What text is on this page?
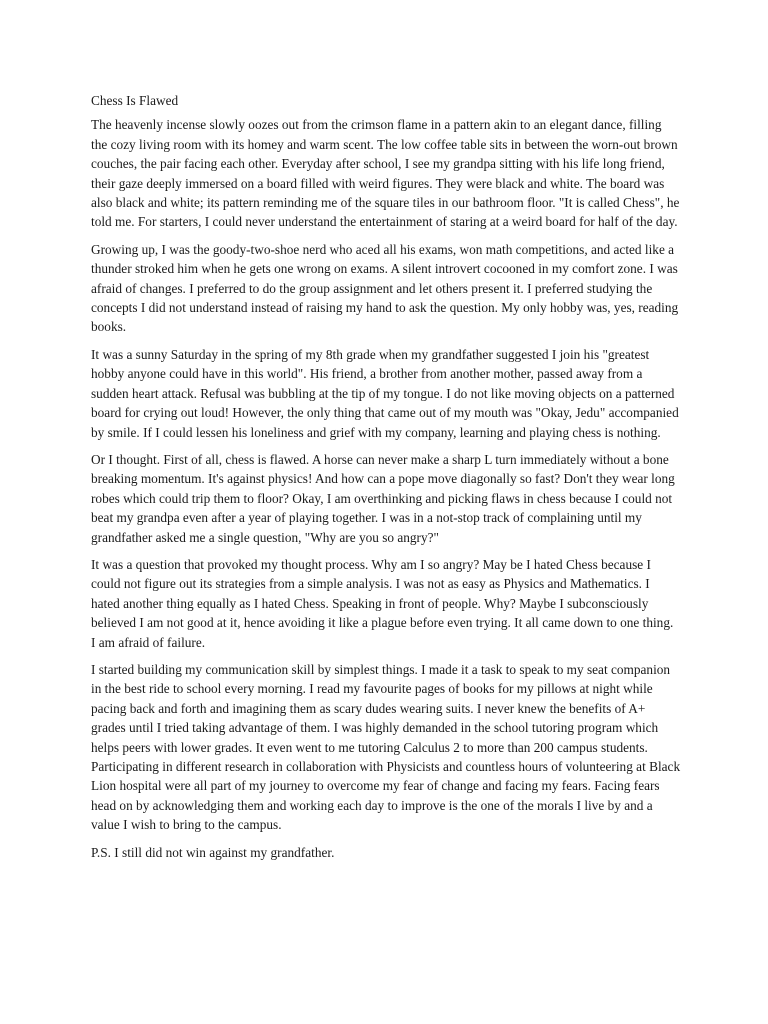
Chess Is Flawed

The heavenly incense slowly oozes out from the crimson flame in a pattern akin to an elegant dance, filling the cozy living room with its homey and warm scent. The low coffee table sits in between the worn-out brown couches, the pair facing each other. Everyday after school, I see my grandpa sitting with his life long friend, their gaze deeply immersed on a board filled with weird figures. They were black and white. The board was also black and white; its pattern reminding me of the square tiles in our bathroom floor. "It is called Chess", he told me. For starters, I could never understand the entertainment of staring at a weird board for half of the day.

Growing up, I was the goody-two-shoe nerd who aced all his exams, won math competitions, and acted like a thunder stroked him when he gets one wrong on exams. A silent introvert cocooned in my comfort zone. I was afraid of changes. I preferred to do the group assignment and let others present it. I preferred studying the concepts I did not understand instead of raising my hand to ask the question. My only hobby was, yes, reading books.

It was a sunny Saturday in the spring of my 8th grade when my grandfather suggested I join his "greatest hobby anyone could have in this world". His friend, a brother from another mother, passed away from a sudden heart attack. Refusal was bubbling at the tip of my tongue. I do not like moving objects on a patterned board for crying out loud! However, the only thing that came out of my mouth was "Okay, Jedu" accompanied by smile. If I could lessen his loneliness and grief with my company, learning and playing chess is nothing.

Or I thought. First of all, chess is flawed. A horse can never make a sharp L turn immediately without a bone breaking momentum. It's against physics! And how can a pope move diagonally so fast? Don't they wear long robes which could trip them to floor? Okay, I am overthinking and picking flaws in chess because I could not beat my grandpa even after a year of playing together. I was in a not-stop track of complaining until my grandfather asked me a single question, "Why are you so angry?"

It was a question that provoked my thought process. Why am I so angry? May be I hated Chess because I could not figure out its strategies from a simple analysis. I was not as easy as Physics and Mathematics. I hated another thing equally as I hated Chess. Speaking in front of people. Why? Maybe I subconsciously believed I am not good at it, hence avoiding it like a plague before even trying. It all came down to one thing. I am afraid of failure.

I started building my communication skill by simplest things. I made it a task to speak to my seat companion in the best ride to school every morning. I read my favourite pages of books for my pillows at night while pacing back and forth and imagining them as scary dudes wearing suits. I never knew the benefits of A+ grades until I tried taking advantage of them. I was highly demanded in the school tutoring program which helps peers with lower grades. It even went to me tutoring Calculus 2 to more than 200 campus students. Participating in different research in collaboration with Physicists and countless hours of volunteering at Black Lion hospital were all part of my journey to overcome my fear of change and facing my fears. Facing fears head on by acknowledging them and working each day to improve is the one of the morals I live by and a value I wish to bring to the campus.

P.S. I still did not win against my grandfather.
